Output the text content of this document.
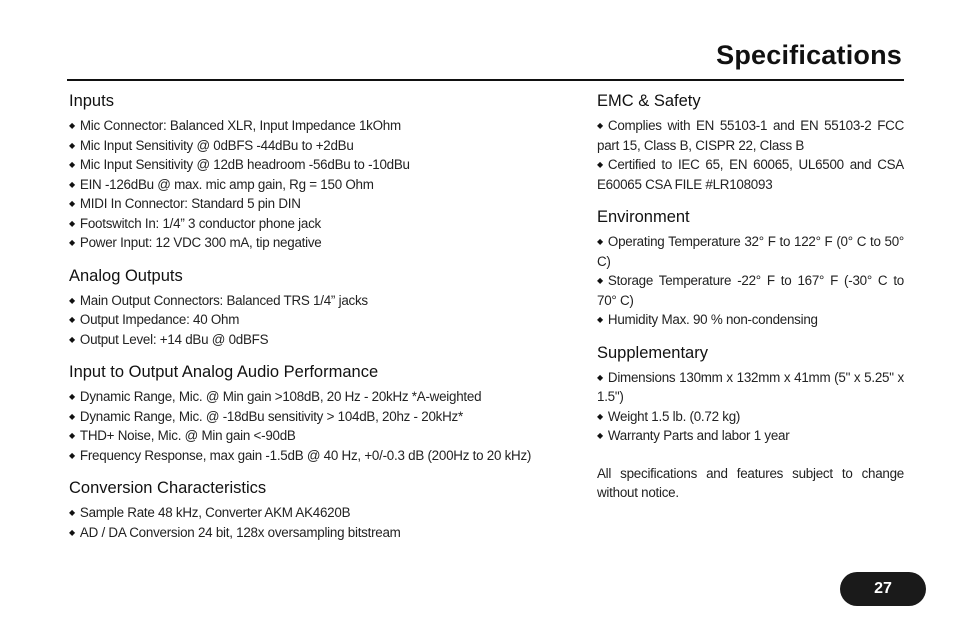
Specifications
Inputs
◆ Mic Connector: Balanced XLR, Input Impedance 1kOhm
◆ Mic Input Sensitivity @ 0dBFS -44dBu to +2dBu
◆ Mic Input Sensitivity @ 12dB headroom -56dBu to -10dBu
◆ EIN -126dBu @ max. mic amp gain, Rg = 150 Ohm
◆ MIDI In Connector: Standard 5 pin DIN
◆ Footswitch In: 1/4” 3 conductor phone jack
◆ Power Input: 12 VDC 300 mA, tip negative
Analog Outputs
◆ Main Output Connectors: Balanced TRS 1/4” jacks
◆ Output Impedance: 40 Ohm
◆ Output Level: +14 dBu @ 0dBFS
Input to Output Analog Audio Performance
◆ Dynamic Range, Mic. @ Min gain >108dB, 20 Hz - 20kHz *A-weighted
◆ Dynamic Range, Mic. @ -18dBu sensitivity > 104dB, 20hz - 20kHz*
◆ THD+ Noise, Mic. @ Min gain <-90dB
◆ Frequency Response, max gain -1.5dB @ 40 Hz, +0/-0.3 dB (200Hz to 20 kHz)
Conversion Characteristics
◆ Sample Rate 48 kHz, Converter AKM AK4620B
◆ AD / DA Conversion 24 bit, 128x oversampling bitstream
EMC & Safety
◆ Complies with EN 55103-1 and EN 55103-2 FCC part 15, Class B, CISPR 22, Class B
◆ Certified to IEC 65, EN 60065, UL6500 and CSA E60065 CSA FILE #LR108093
Environment
◆ Operating Temperature 32° F to 122° F (0° C to 50° C)
◆ Storage Temperature -22° F to 167° F (-30° C to 70° C)
◆ Humidity Max. 90 % non-condensing
Supplementary
◆ Dimensions 130mm x 132mm x 41mm (5" x 5.25" x 1.5")
◆ Weight 1.5 lb. (0.72 kg)
◆ Warranty Parts and labor 1 year
All specifications and features subject to change without notice.
27
